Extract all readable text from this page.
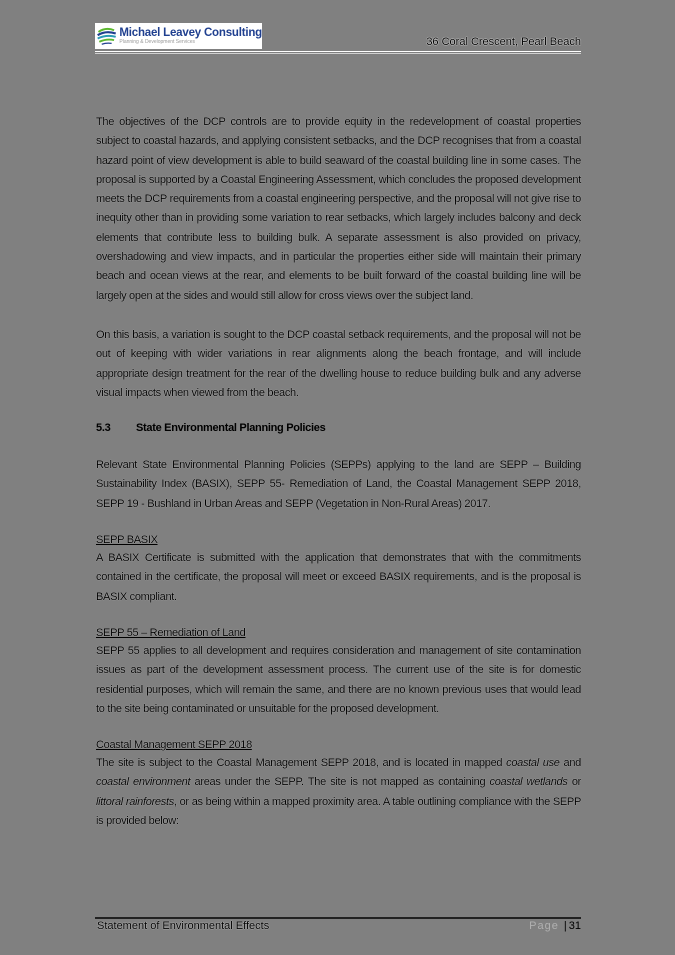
Michael Leavey Consulting
Planning & Development Services	36 Coral Crescent, Pearl Beach

The objectives of the DCP controls are to provide equity in the redevelopment of coastal properties subject to coastal hazards, and applying consistent setbacks, and the DCP recognises that from a coastal hazard point of view development is able to build seaward of the coastal building line in some cases. The proposal is supported by a Coastal Engineering Assessment, which concludes the proposed development meets the DCP requirements from a coastal engineering perspective, and the proposal will not give rise to inequity other than in providing some variation to rear setbacks, which largely includes balcony and deck elements that contribute less to building bulk. A separate assessment is also provided on privacy, overshadowing and view impacts, and in particular the properties either side will maintain their primary beach and ocean views at the rear, and elements to be built forward of the coastal building line will be largely open at the sides and would still allow for cross views over the subject land.

On this basis, a variation is sought to the DCP coastal setback requirements, and the proposal will not be out of keeping with wider variations in rear alignments along the beach frontage, and will include appropriate design treatment for the rear of the dwelling house to reduce building bulk and any adverse visual impacts when viewed from the beach.

5.3 State Environmental Planning Policies

Relevant State Environmental Planning Policies (SEPPs) applying to the land are SEPP – Building Sustainability Index (BASIX), SEPP 55- Remediation of Land, the Coastal Management SEPP 2018, SEPP 19 - Bushland in Urban Areas and SEPP (Vegetation in Non-Rural Areas) 2017.

SEPP BASIX

A BASIX Certificate is submitted with the application that demonstrates that with the commitments contained in the certificate, the proposal will meet or exceed BASIX requirements, and is the proposal is BASIX compliant.

SEPP 55 – Remediation of Land

SEPP 55 applies to all development and requires consideration and management of site contamination issues as part of the development assessment process. The current use of the site is for domestic residential purposes, which will remain the same, and there are no known previous uses that would lead to the site being contaminated or unsuitable for the proposed development.

Coastal Management SEPP 2018

The site is subject to the Coastal Management SEPP 2018, and is located in mapped coastal use and coastal environment areas under the SEPP. The site is not mapped as containing coastal wetlands or littoral rainforests, or as being within a mapped proximity area. A table outlining compliance with the SEPP is provided below:

Statement of Environmental Effects	Page | 31
